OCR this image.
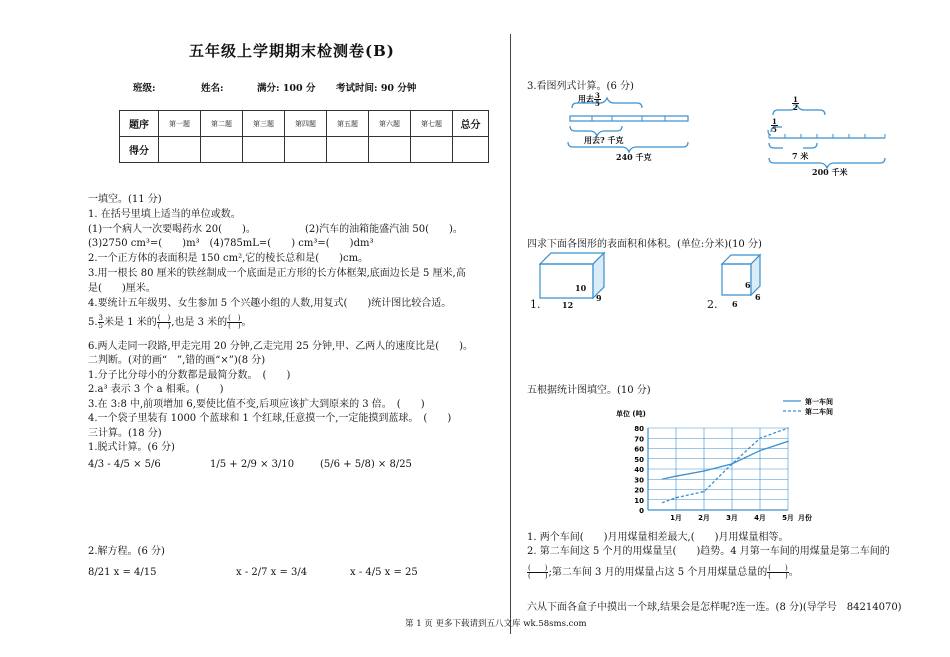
五年级上学期期末检测卷(B)
班级:	姓名:	满分: 100 分 考试时间: 90 分钟
题序	第一题	第二题	第三题	第四题	第五题	第六题	第七题	总分
得分								
一填空。(11 分)
1. 在括号里填上适当的单位或数。
(1)一个病人一次要喝药水 20(　　)。	(2)汽车的油箱能盛汽油 50(　　)。
(3)2750 cm³=(　　)m³　(4)785mL=(　　) cm³=(　　)dm³
2.一个正方体的表面积是 150 cm²,它的棱长总和是(　　)cm。
3.用一根长 80 厘米的铁丝制成一个底面是正方形的长方体框架,底面边长是 5 厘米,高
是(　　)厘米。
4.要统计五年级男、女生参加 5 个兴趣小组的人数,用复式(　　)统计图比较合适。
5. $\frac{3}{5}$ 米是 1 米的 $\frac{( )}{( )}$ ,也是 3 米的 $\frac{( )}{( )}$ 。
6.两人走同一段路,甲走完用 20 分钟,乙走完用 25 分钟,甲、乙两人的速度比是(　　)。
二判断。(对的画“　”,错的画“×”)(8 分)
1.分子比分母小的分数都是最简分数。　(　　)
2.a³ 表示 3 个 a 相乘。(　　)
3.在 3:8 中,前项增加 6,要使比值不变,后项应该扩大到原来的 3 倍。　(　　)
4.一个袋子里装有 1000 个蓝球和 1 个红球,任意摸一个,一定能摸到蓝球。　(　　)
三计算。(18 分)
1.脱式计算。(6 分)
4/3 - 4/5 × 5/6	1/5 + 2/9 × 3/10	(5/6 + 5/8) × 8/25
2.解方程。(6 分)
8/21 x = 4/15	x - 2/7 x = 3/4	x - 4/5 x = 25
3.看图列式计算。(6 分)
用去 $\frac{3}{5}$
用去? 千克
240 千克
$\frac{1}{2}$
$\frac{1}{5}$
7 米
200 千米
四求下面各图形的表面积和体积。(单位:分米)(10 分)
1.	12
9
10
2. 6
6
6
五根据统计图填空。(10 分)
0
10
20
30
40
50
60
70
80
1月 2月 3月 4月 5月 月份
单位 (吨)
第一车间
第二车间
1. 两个车间(　　)月用煤量相差最大,(　　)月用煤量相等。
2. 第二车间这 5 个月的用煤量呈(　　)趋势。4 月第一车间的用煤量是第二车间的
$\frac{( )}{( )}$ ;第二车间 3 月的用煤量占这 5 个月用煤量总量的 $\frac{( )}{( )}$ 。
六从下面各盒子中摸出一个球,结果会是怎样呢?连一连。(8 分)(导学号　84214070)
第 1 页 更多下载请到五八文库 wk.58sms.com
